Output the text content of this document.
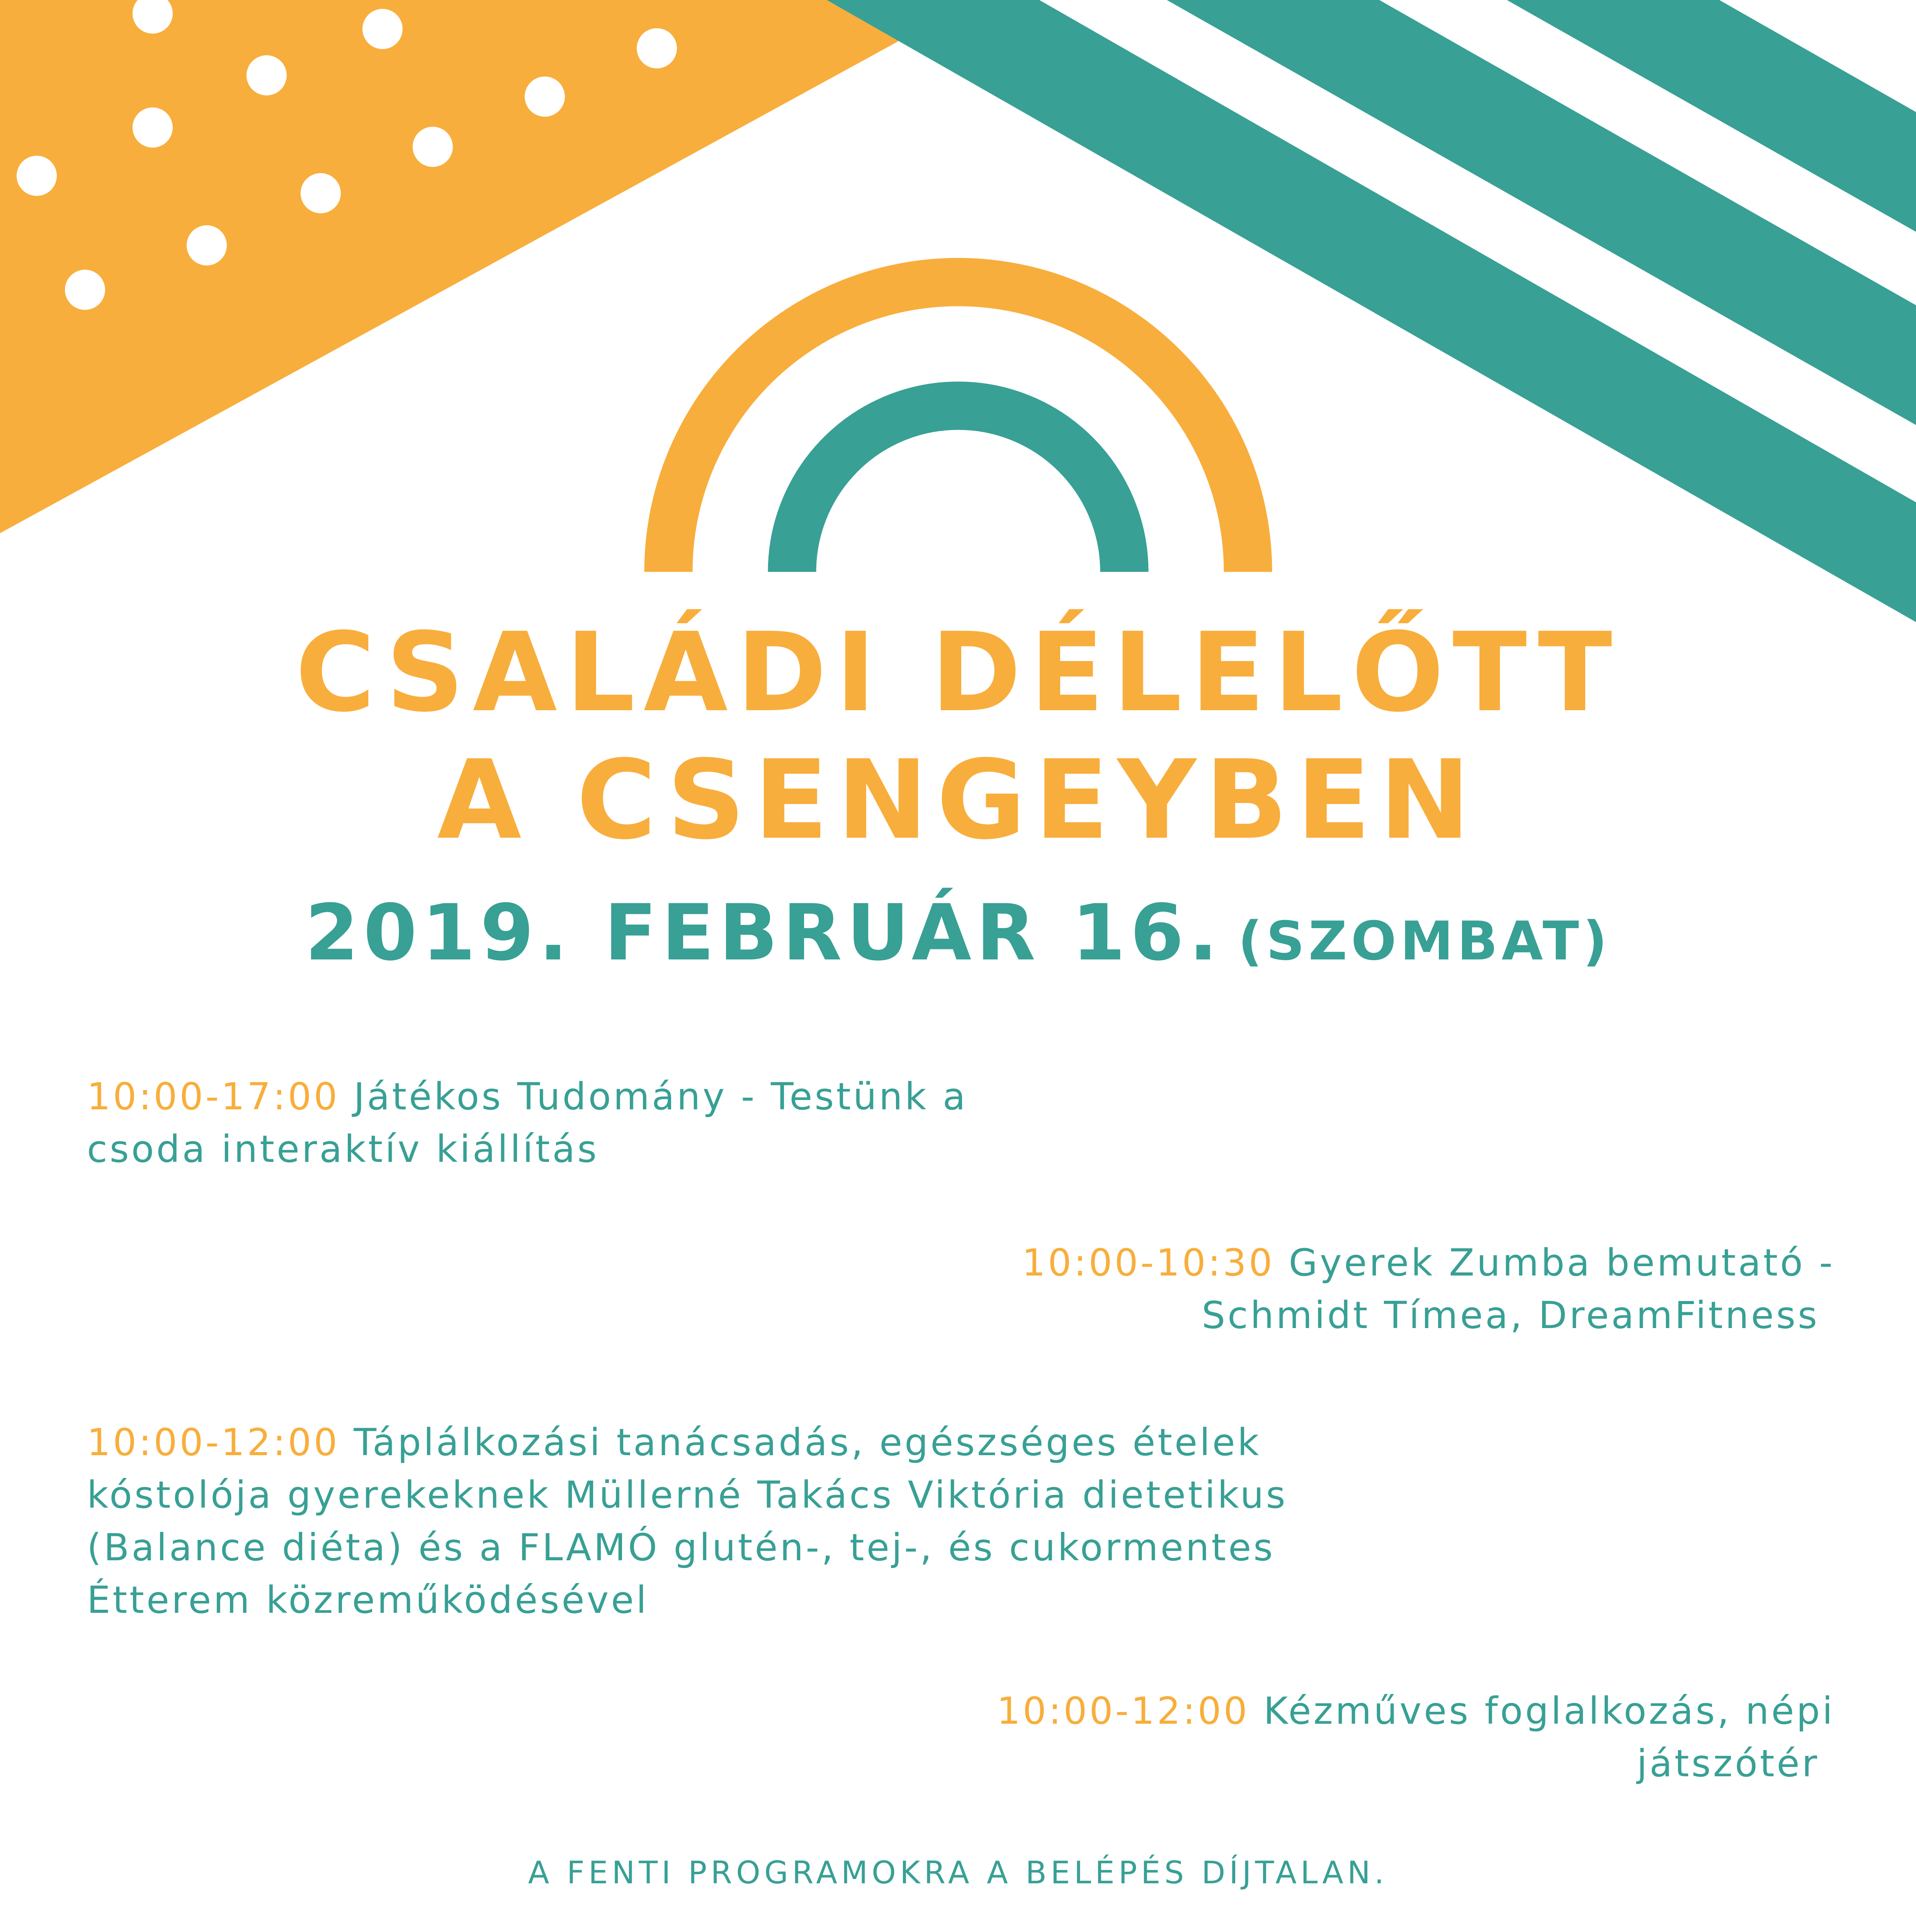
CSALÁDI DÉLELŐTT
A CSENGEYBEN
2019. FEBRUÁR 16. (SZOMBAT)
10:00-17:00 Játékos Tudomány - Testünk a
csoda interaktív kiállítás
10:00-10:30 Gyerek Zumba bemutató -
Schmidt Tímea, DreamFitness
10:00-12:00 Táplálkozási tanácsadás, egészséges ételek
kóstolója gyerekeknek Müllerné Takács Viktória dietetikus
(Balance diéta) és a FLAMÓ glutén-, tej-, és cukormentes
Étterem közreműködésével
10:00-12:00 Kézműves foglalkozás, népi
játszótér
A FENTI PROGRAMOKRA A BELÉPÉS DÍJTALAN.
